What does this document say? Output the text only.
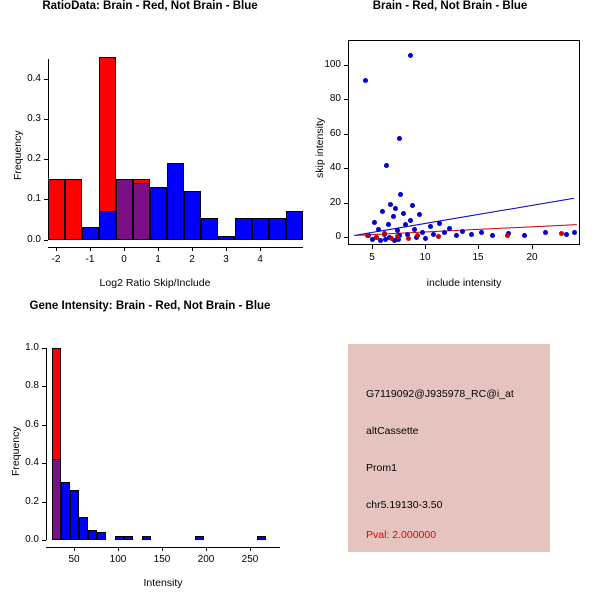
RatioData: Brain - Red, Not Brain - Blue
0.0
0.1
0.2
0.3
0.4
Frequency
-2	-1	0	1	2	3	4
Log2 Ratio Skip/Include
Brain - Red, Not Brain - Blue
0
20
40
60
80
100
skip intensity
5	10	15	20
include intensity
Gene Intensity: Brain - Red, Not Brain - Blue
0.0
0.2
0.4
0.6
0.8
1.0
Frequency
50	100	150	200	250
Intensity
G7119092@J935978_RC@i_at
altCassette
Prom1
chr5.19130-3.50
Pval: 2.000000
